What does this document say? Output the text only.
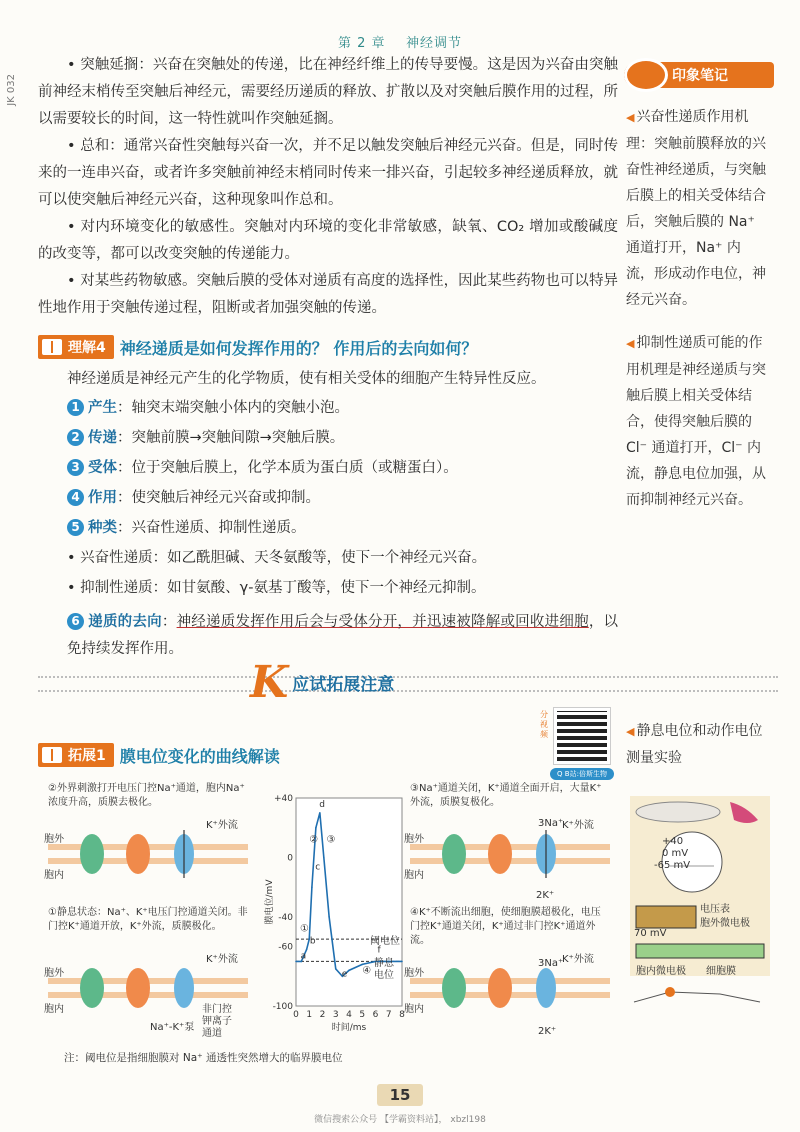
第 2 章 神经调节
JK 032

• 突触延搁：兴奋在突触处的传递，比在神经纤维上的传导要慢。这是因为兴奋由突触前神经末梢传至突触后神经元，需要经历递质的释放、扩散以及对突触后膜作用的过程，所以需要较长的时间，这一特性就叫作突触延搁。

• 总和：通常兴奋性突触每兴奋一次，并不足以触发突触后神经元兴奋。但是，同时传来的一连串兴奋，或者许多突触前神经末梢同时传来一排兴奋，引起较多神经递质释放，就可以使突触后神经元兴奋，这种现象叫作总和。

• 对内环境变化的敏感性。突触对内环境的变化非常敏感，缺氧、CO₂ 增加或酸碱度的改变等，都可以改变突触的传递能力。

• 对某些药物敏感。突触后膜的受体对递质有高度的选择性，因此某些药物也可以特异性地作用于突触传递过程，阻断或者加强突触的传递。

理解4 神经递质是如何发挥作用的？ 作用后的去向如何？

神经递质是神经元产生的化学物质，使有相关受体的细胞产生特异性反应。

1 产生：轴突末端突触小体内的突触小泡。
2 传递：突触前膜→突触间隙→突触后膜。
3 受体：位于突触后膜上，化学本质为蛋白质（或糖蛋白）。
4 作用：使突触后神经元兴奋或抑制。
5 种类：兴奋性递质、抑制性递质。
• 兴奋性递质：如乙酰胆碱、天冬氨酸等，使下一个神经元兴奋。
• 抑制性递质：如甘氨酸、γ-氨基丁酸等，使下一个神经元抑制。
6 递质的去向：神经递质发挥作用后会与受体分开，并迅速被降解或回收进细胞，以免持续发挥作用。
印象笔记
◀ 兴奋性递质作用机理：突触前膜释放的兴奋性神经递质，与突触后膜上的相关受体结合后，突触后膜的 Na⁺ 通道打开，Na⁺ 内流，形成动作电位，神经元兴奋。
◀ 抑制性递质可能的作用机理是神经递质与突触后膜上相关受体结合，使得突触后膜的 Cl⁻ 通道打开，Cl⁻ 内流，静息电位加强，从而抑制神经元兴奋。
◀ 静息电位和动作电位测量实验
K 应试拓展注意
拓展1 膜电位变化的曲线解读
分视频
Q B站:倍斯生物
②外界刺激打开电压门控Na⁺通道，胞内Na⁺浓度升高，质膜去极化。
③Na⁺通道关闭，K⁺通道全面开启，大量K⁺外流，质膜复极化。
①静息状态：Na⁺、K⁺电压门控通道关闭。非门控K⁺通道开放，K⁺外流，质膜极化。
④K⁺不断流出细胞，使细胞膜超极化，电压门控K⁺通道关闭，K⁺通过非门控K⁺通道外流。
胞外
胞内
胞外
胞内
胞外
胞内
胞外
胞内
K⁺外流	K⁺外流
K⁺外流	K⁺外流
Na⁺-K⁺泵
非门控钾离子通道	2K⁺
2K⁺
3Na⁺
3Na⁺
+40
0
-40
-60
-100
0 1 2 3 4 5 6 7 8
时间/ms
膜电位/mV
a
b
c
d
e
f
①
② ③
④
阈电位
静息电位
+40
0 mV
-65 mV
电压表
胞外微电极
70 mV
胞内微电极 细胞膜
注：阈电位是指细胞膜对 Na⁺ 通透性突然增大的临界膜电位
15
微信搜索公众号 【学霸资料站】， xbzl198
